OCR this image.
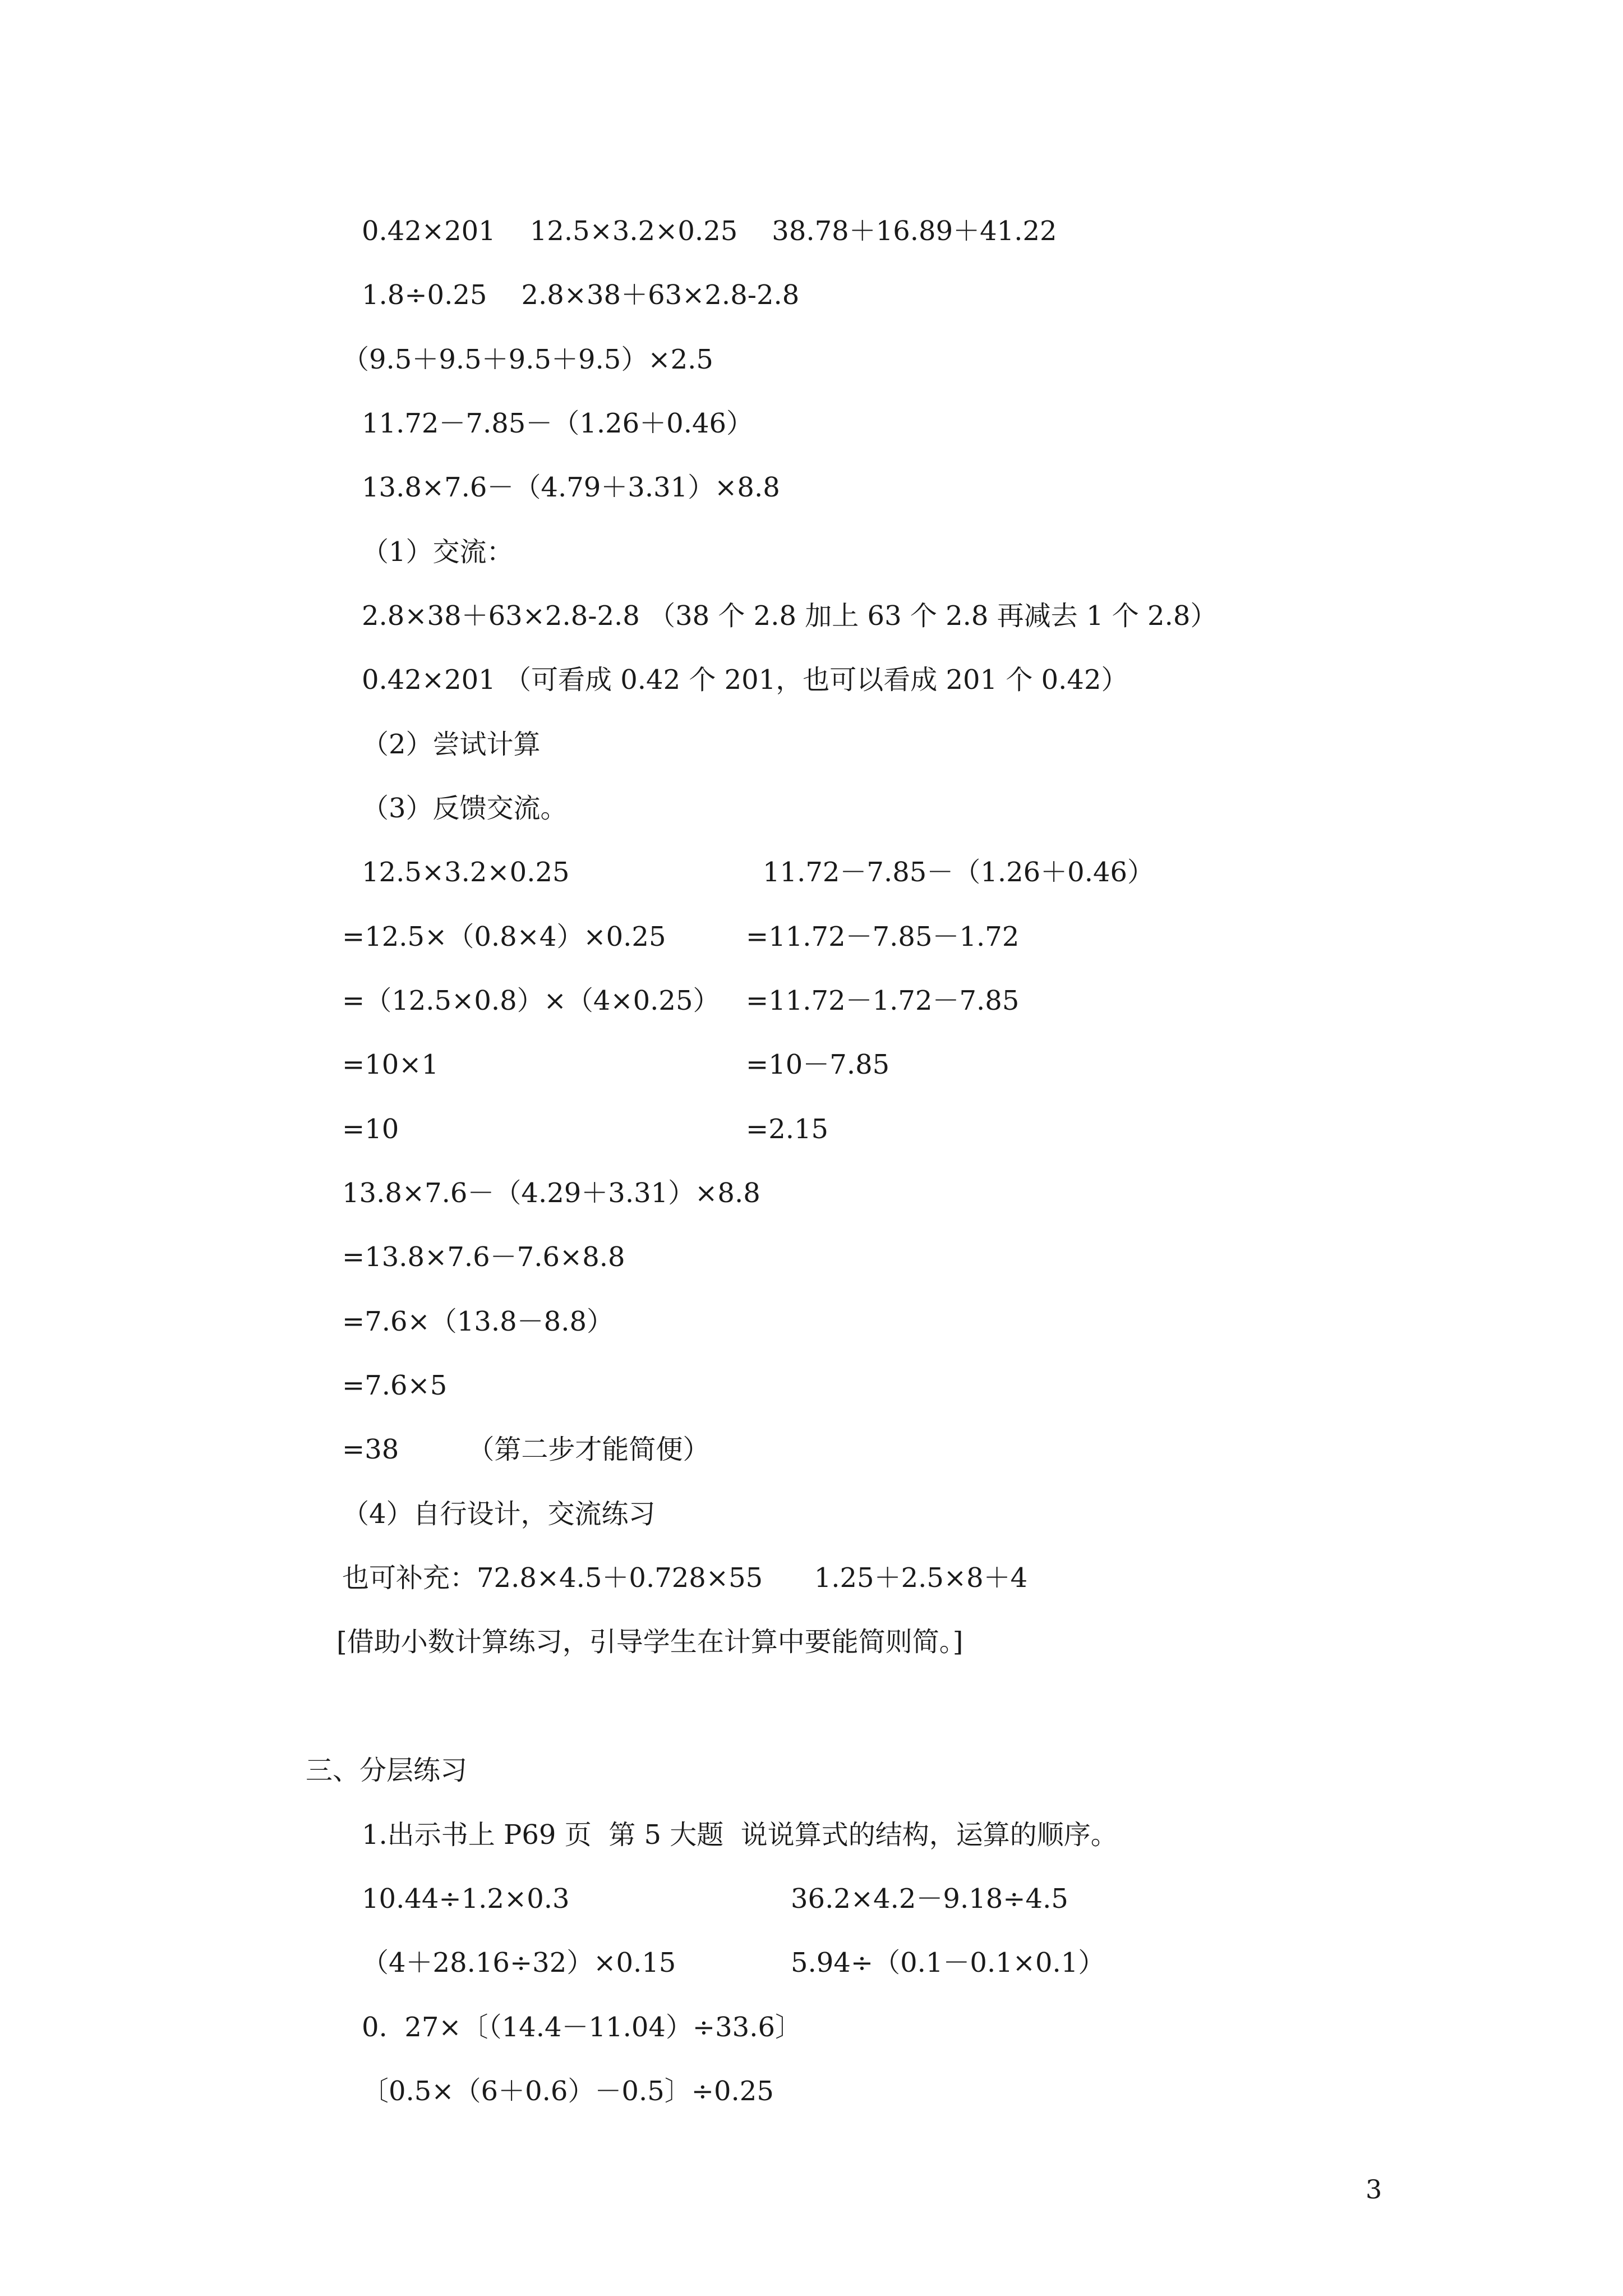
0.42×201    12.5×3.2×0.25    38.78＋16.89＋41.22
1.8÷0.25    2.8×38＋63×2.8-2.8
（9.5＋9.5＋9.5＋9.5）×2.5
11.72－7.85－（1.26＋0.46）
13.8×7.6－（4.79＋3.31）×8.8
（1）交流：
2.8×38＋63×2.8-2.8 （38 个 2.8 加上 63 个 2.8 再减去 1 个 2.8）
0.42×201 （可看成 0.42 个 201，也可以看成 201 个 0.42）
（2）尝试计算
（3）反馈交流。
12.5×3.2×0.25	11.72－7.85－（1.26＋0.46）
=12.5×（0.8×4）×0.25	=11.72－7.85－1.72
=（12.5×0.8）×（4×0.25） =11.72－1.72－7.85
=10×1	=10－7.85
=10	=2.15
13.8×7.6－（4.29＋3.31）×8.8
=13.8×7.6－7.6×8.8
=7.6×（13.8－8.8）
=7.6×5
=38        （第二步才能简便）
（4）自行设计，交流练习
也可补充：72.8×4.5＋0.728×55      1.25＋2.5×8＋4
[借助小数计算练习，引导学生在计算中要能简则简。]
三、分层练习
1.出示书上 P69 页  第 5 大题  说说算式的结构，运算的顺序。
10.44÷1.2×0.3	36.2×4.2－9.18÷4.5
（4＋28.16÷32）×0.15	5.94÷（0.1－0.1×0.1）
0.  27×〔（14.4－11.04）÷33.6〕
〔0.5×（6＋0.6）－0.5〕÷0.25
3
